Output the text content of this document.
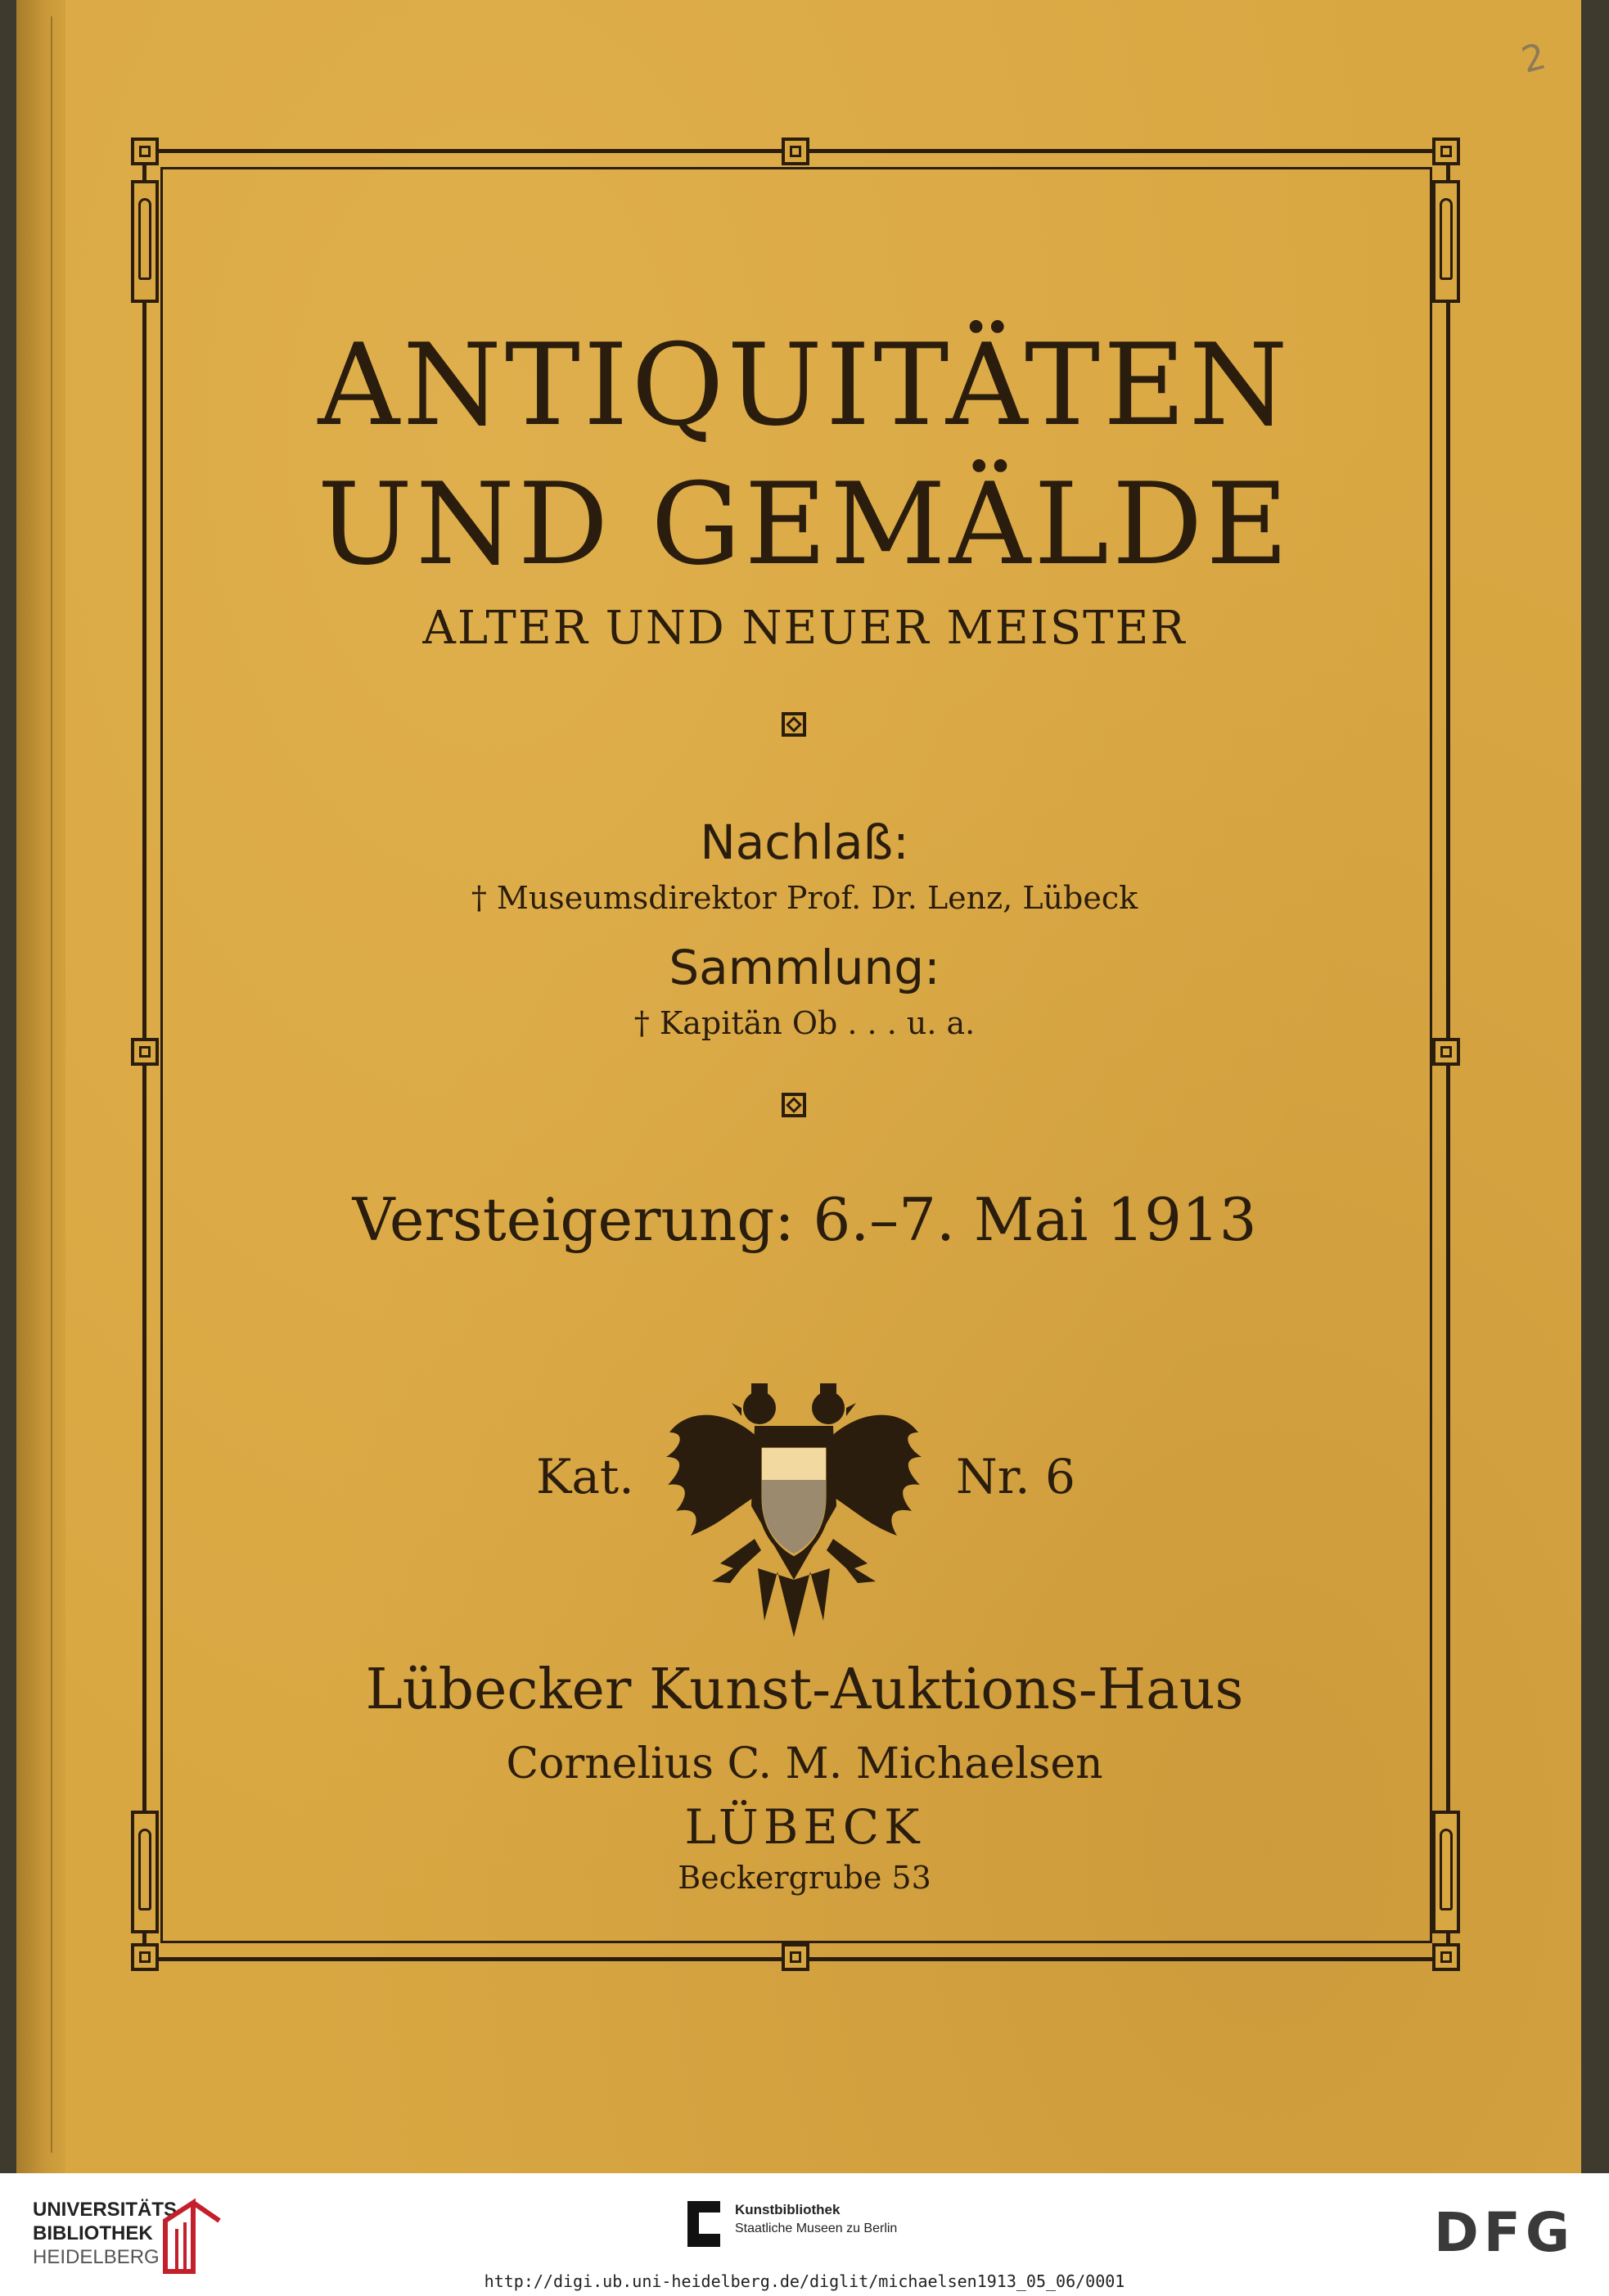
2
ANTIQUITÄTEN
UND GEMÄLDE
ALTER UND NEUER MEISTER
Nachlaß:
† Museumsdirektor Prof. Dr. Lenz, Lübeck
Sammlung:
† Kapitän Ob . . . u. a.
Versteigerung: 6.–7. Mai 1913
Kat.	Nr. 6
Lübecker Kunst-Auktions-Haus
Cornelius C. M. Michaelsen
LÜBECK
Beckergrube 53
UNIVERSITÄTS-
BIBLIOTHEK
HEIDELBERG
Kunstbibliothek
Staatliche Museen zu Berlin	DFG
http://digi.ub.uni-heidelberg.de/diglit/michaelsen1913_05_06/0001
